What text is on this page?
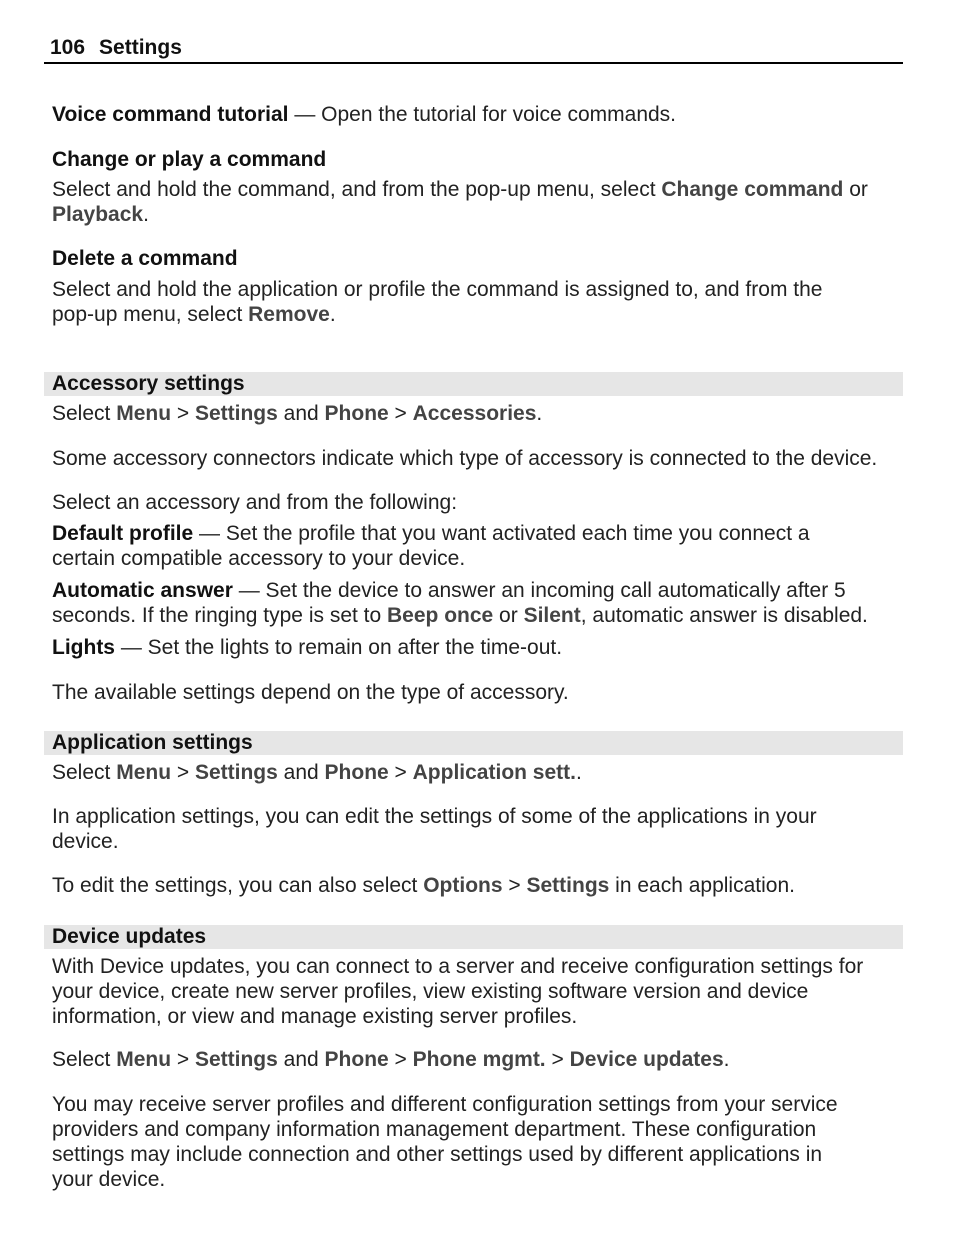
106 Settings
Voice command tutorial — Open the tutorial for voice commands.
Change or play a command
Select and hold the command, and from the pop-up menu, select Change command or
Playback.
Delete a command
Select and hold the application or profile the command is assigned to, and from the
pop-up menu, select Remove.
Accessory settings
Select Menu > Settings and Phone > Accessories.
Some accessory connectors indicate which type of accessory is connected to the device.
Select an accessory and from the following:
Default profile — Set the profile that you want activated each time you connect a
certain compatible accessory to your device.
Automatic answer — Set the device to answer an incoming call automatically after 5
seconds. If the ringing type is set to Beep once or Silent, automatic answer is disabled.
Lights — Set the lights to remain on after the time-out.
The available settings depend on the type of accessory.
Application settings
Select Menu > Settings and Phone > Application sett..
In application settings, you can edit the settings of some of the applications in your
device.
To edit the settings, you can also select Options > Settings in each application.
Device updates
With Device updates, you can connect to a server and receive configuration settings for
your device, create new server profiles, view existing software version and device
information, or view and manage existing server profiles.
Select Menu > Settings and Phone > Phone mgmt. > Device updates.
You may receive server profiles and different configuration settings from your service
providers and company information management department. These configuration
settings may include connection and other settings used by different applications in
your device.
